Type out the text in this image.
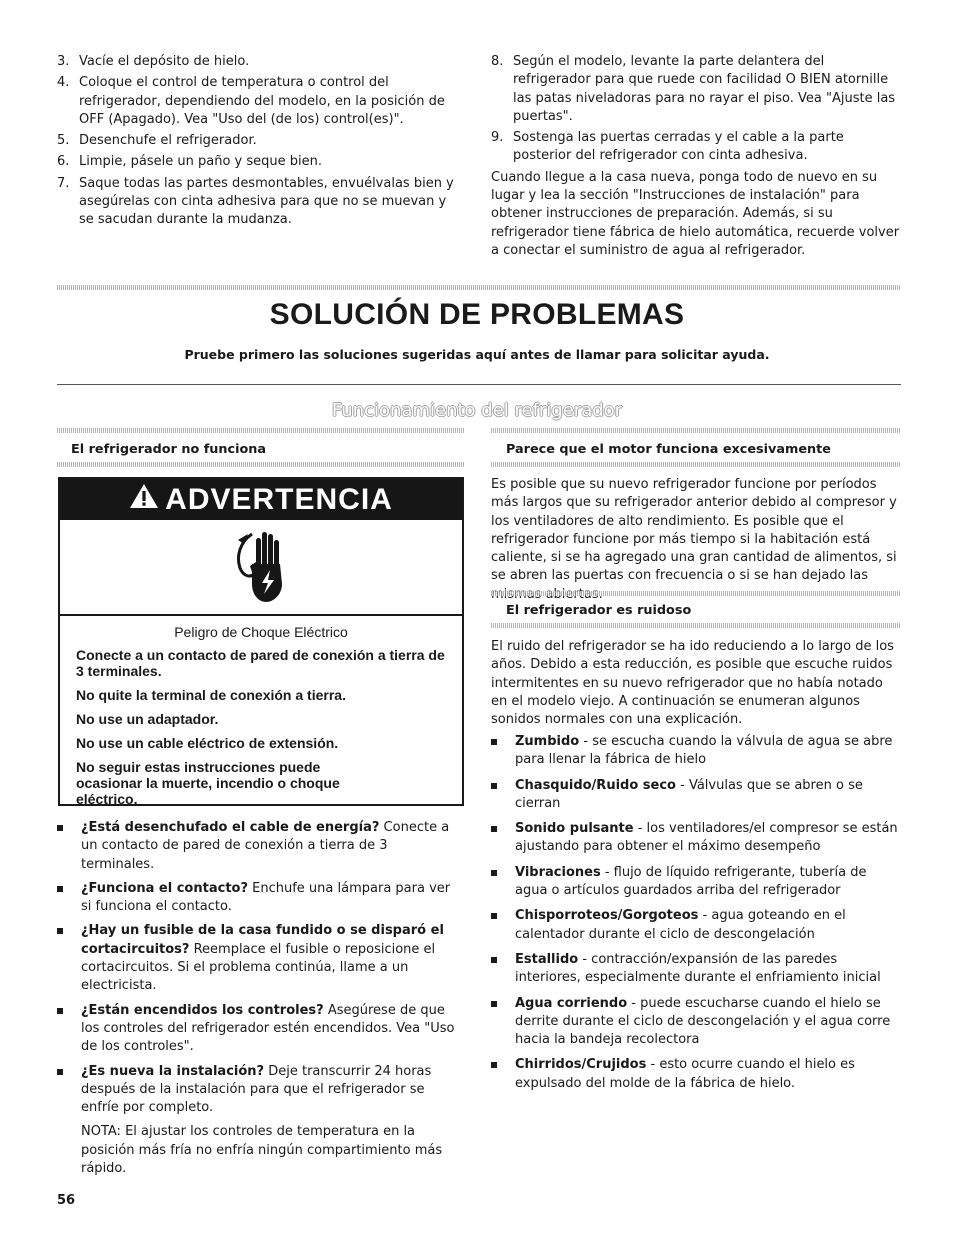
3. Vacíe el depósito de hielo.
4. Coloque el control de temperatura o control del refrigerador, dependiendo del modelo, en la posición de OFF (Apagado). Vea "Uso del (de los) control(es)".
5. Desenchufe el refrigerador.
6. Limpie, pásele un paño y seque bien.
7. Saque todas las partes desmontables, envuélvalas bien y asegúrelas con cinta adhesiva para que no se muevan y se sacudan durante la mudanza.
8. Según el modelo, levante la parte delantera del refrigerador para que ruede con facilidad O BIEN atornille las patas niveladoras para no rayar el piso. Vea "Ajuste las puertas".
9. Sostenga las puertas cerradas y el cable a la parte posterior del refrigerador con cinta adhesiva.

Cuando llegue a la casa nueva, ponga todo de nuevo en su lugar y lea la sección "Instrucciones de instalación" para obtener instrucciones de preparación. Además, si su refrigerador tiene fábrica de hielo automática, recuerde volver a conectar el suministro de agua al refrigerador.

SOLUCIÓN DE PROBLEMAS
Pruebe primero las soluciones sugeridas aquí antes de llamar para solicitar ayuda.
Funcionamiento del refrigerador
El refrigerador no funciona
ADVERTENCIA
Peligro de Choque Eléctrico
Conecte a un contacto de pared de conexión a tierra de 3 terminales.
No quite la terminal de conexión a tierra.
No use un adaptador.
No use un cable eléctrico de extensión.
No seguir estas instrucciones puede ocasionar la muerte, incendio o choque eléctrico.
¿Está desenchufado el cable de energía? Conecte a un contacto de pared de conexión a tierra de 3 terminales.
¿Funciona el contacto? Enchufe una lámpara para ver si funciona el contacto.
¿Hay un fusible de la casa fundido o se disparó el cortacircuitos? Reemplace el fusible o reposicione el cortacircuitos. Si el problema continúa, llame a un electricista.
¿Están encendidos los controles? Asegúrese de que los controles del refrigerador estén encendidos. Vea "Uso de los controles".
¿Es nueva la instalación? Deje transcurrir 24 horas después de la instalación para que el refrigerador se enfríe por completo.

NOTA: El ajustar los controles de temperatura en la posición más fría no enfría ningún compartimiento más rápido.

Parece que el motor funciona excesivamente

Es posible que su nuevo refrigerador funcione por períodos más largos que su refrigerador anterior debido al compresor y los ventiladores de alto rendimiento. Es posible que el refrigerador funcione por más tiempo si la habitación está caliente, si se ha agregado una gran cantidad de alimentos, si se abren las puertas con frecuencia o si se han dejado las

El refrigerador es ruidoso

El ruido del refrigerador se ha ido reduciendo a lo largo de los años. Debido a esta reducción, es posible que escuche ruidos intermitentes en su nuevo refrigerador que no había notado en el modelo viejo. A continuación se enumeran algunos sonidos normales con una explicación.

Zumbido - se escucha cuando la válvula de agua se abre para llenar la fábrica de hielo
Chasquido/Ruido seco - Válvulas que se abren o se cierran
Sonido pulsante - los ventiladores/el compresor se están ajustando para obtener el máximo desempeño
Vibraciones - flujo de líquido refrigerante, tubería de agua o artículos guardados arriba del refrigerador
Chisporroteos/Gorgoteos - agua goteando en el calentador durante el ciclo de descongelación
Estallido - contracción/expansión de las paredes interiores, especialmente durante el enfriamiento inicial
Agua corriendo - puede escucharse cuando el hielo se derrite durante el ciclo de descongelación y el agua corre hacia la bandeja recolectora
Chirridos/Crujidos - esto ocurre cuando el hielo es expulsado del molde de la fábrica de hielo.
56
